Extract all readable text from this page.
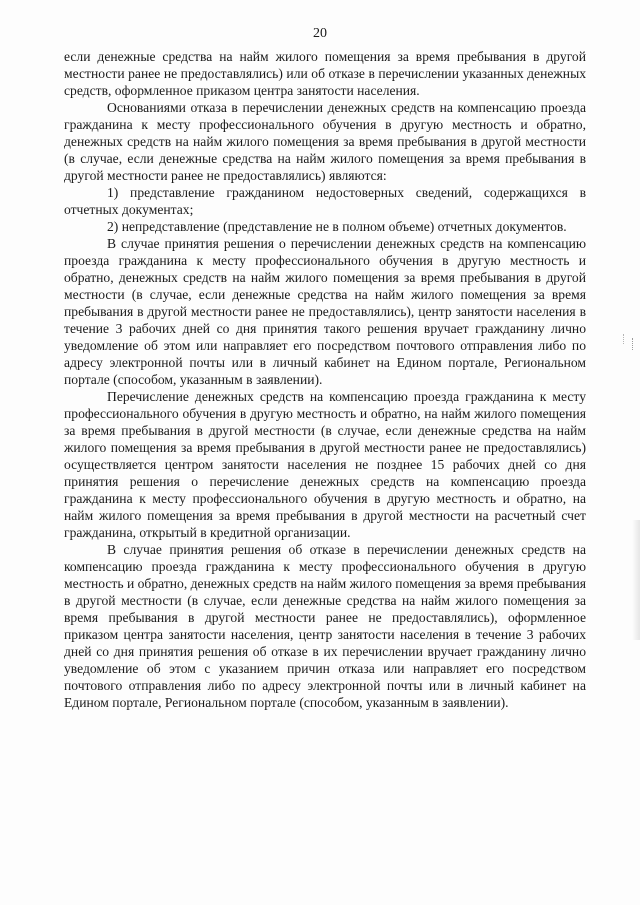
20

если денежные средства на найм жилого помещения за время пребывания в другой местности ранее не предоставлялись) или об отказе в перечислении указанных денежных средств, оформленное приказом центра занятости населения.

Основаниями отказа в перечислении денежных средств на компенсацию проезда гражданина к месту профессионального обучения в другую местность и обратно, денежных средств на найм жилого помещения за время пребывания в другой местности (в случае, если денежные средства на найм жилого помещения за время пребывания в другой местности ранее не предоставлялись) являются:

1) представление гражданином недостоверных сведений, содержащихся в отчетных документах;

2) непредставление (представление не в полном объеме) отчетных документов.

В случае принятия решения о перечислении денежных средств на компенсацию проезда гражданина к месту профессионального обучения в другую местность и обратно, денежных средств на найм жилого помещения за время пребывания в другой местности (в случае, если денежные средства на найм жилого помещения за время пребывания в другой местности ранее не предоставлялись), центр занятости населения в течение 3 рабочих дней со дня принятия такого решения вручает гражданину лично уведомление об этом или направляет его посредством почтового отправления либо по адресу электронной почты или в личный кабинет на Едином портале, Региональном портале (способом, указанным в заявлении).

Перечисление денежных средств на компенсацию проезда гражданина к месту профессионального обучения в другую местность и обратно, на найм жилого помещения за время пребывания в другой местности (в случае, если денежные средства на найм жилого помещения за время пребывания в другой местности ранее не предоставлялись) осуществляется центром занятости населения не позднее 15 рабочих дней со дня принятия решения о перечисление денежных средств на компенсацию проезда гражданина к месту профессионального обучения в другую местность и обратно, на найм жилого помещения за время пребывания в другой местности на расчетный счет гражданина, открытый в кредитной организации.

В случае принятия решения об отказе в перечислении денежных средств на компенсацию проезда гражданина к месту профессионального обучения в другую местность и обратно, денежных средств на найм жилого помещения за время пребывания в другой местности (в случае, если денежные средства на найм жилого помещения за время пребывания в другой местности ранее не предоставлялись), оформленное приказом центра занятости населения, центр занятости населения в течение 3 рабочих дней со дня принятия решения об отказе в их перечислении вручает гражданину лично уведомление об этом с указанием причин отказа или направляет его посредством почтового отправления либо по адресу электронной почты или в личный кабинет на Едином портале, Региональном портале (способом, указанным в заявлении).
